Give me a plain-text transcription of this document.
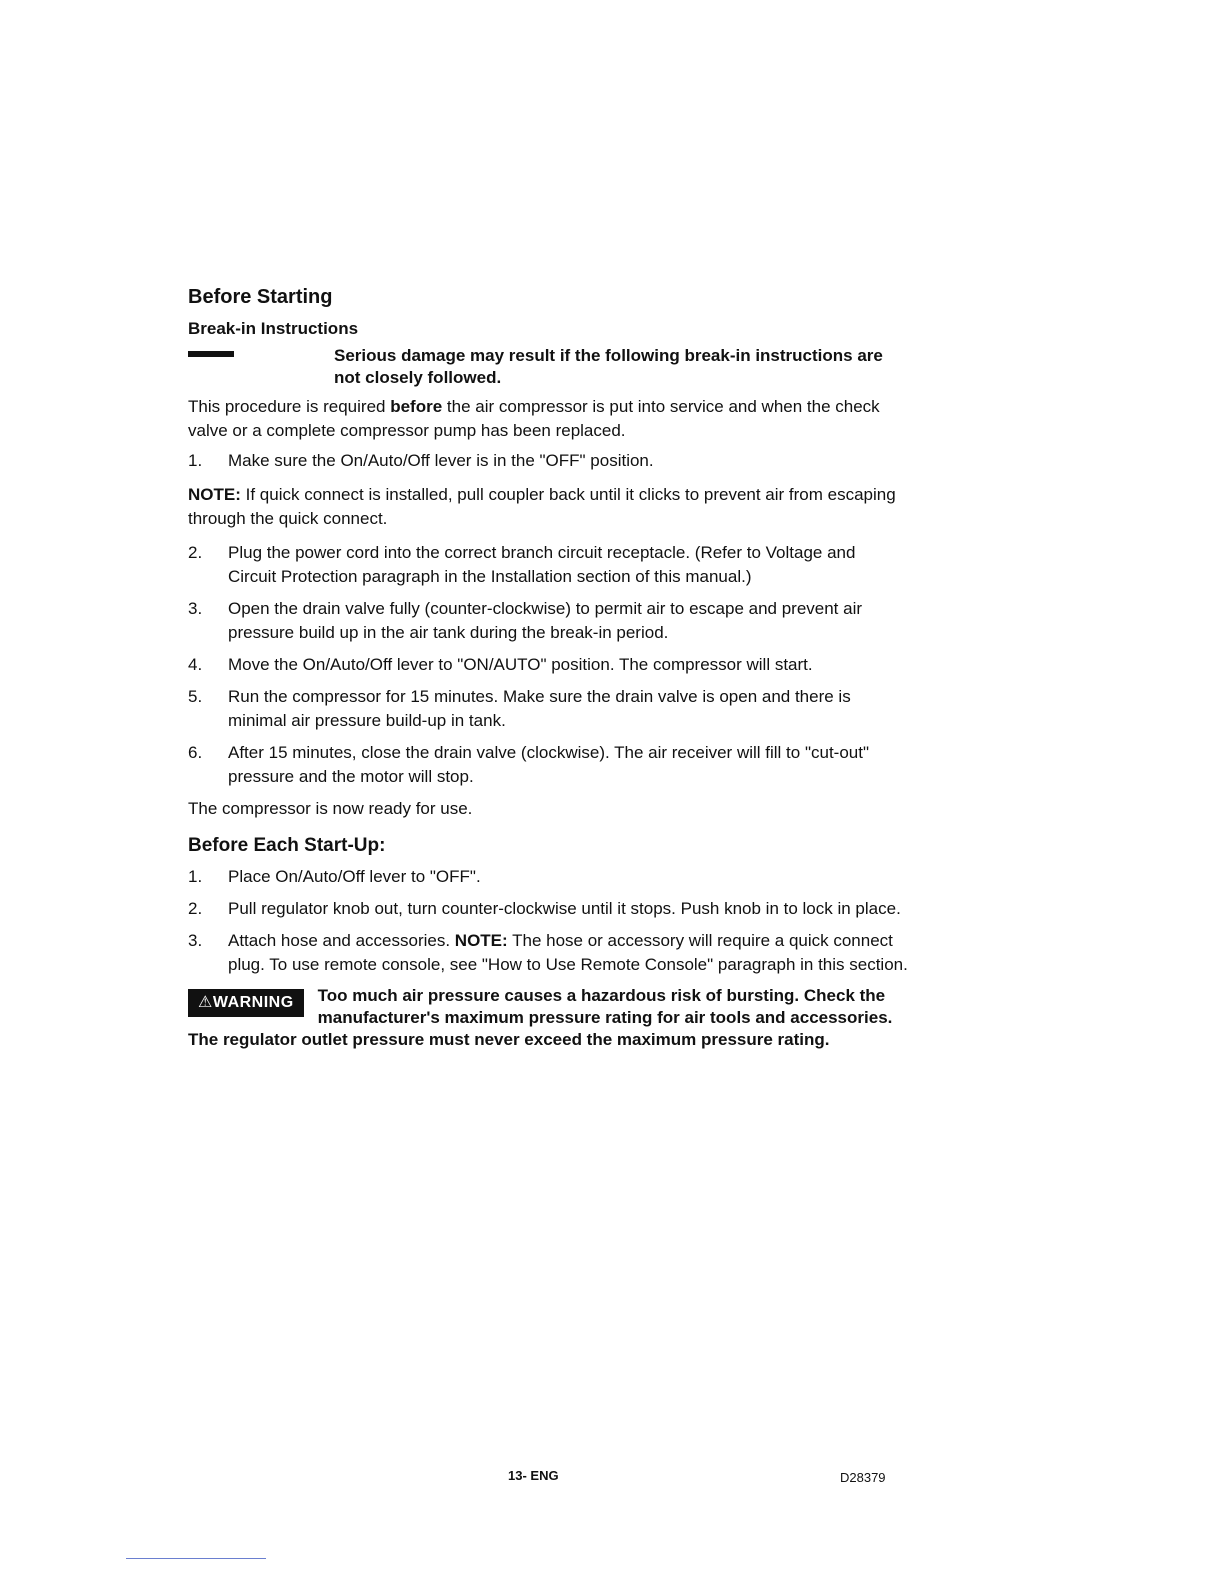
Before Starting
Break-in Instructions
Serious damage may result if the following break-in instructions are not closely followed.
This procedure is required before the air compressor is put into service and when the check valve or a complete compressor pump has been replaced.
1. Make sure the On/Auto/Off lever is in the "OFF" position.
NOTE: If quick connect is installed, pull coupler back until it clicks to prevent air from escaping through the quick connect.
2. Plug the power cord into the correct branch circuit receptacle. (Refer to Voltage and Circuit Protection paragraph in the Installation section of this manual.)
3. Open the drain valve fully (counter-clockwise) to permit air to escape and prevent air pressure build up in the air tank during the break-in period.
4. Move the On/Auto/Off lever to "ON/AUTO" position. The compressor will start.
5. Run the compressor for 15 minutes. Make sure the drain valve is open and there is minimal air pressure build-up in tank.
6. After 15 minutes, close the drain valve (clockwise). The air receiver will fill to "cut-out" pressure and the motor will stop.
The compressor is now ready for use.
Before Each Start-Up:
1. Place On/Auto/Off lever to "OFF".
2. Pull regulator knob out, turn counter-clockwise until it stops. Push knob in to lock in place.
3. Attach hose and accessories. NOTE: The hose or accessory will require a quick connect plug. To use remote console, see "How to Use Remote Console" paragraph in this section.
⚠WARNING	Too much air pressure causes a hazardous risk of bursting. Check the manufacturer's maximum pressure rating for air tools and accessories. The regulator outlet pressure must never exceed the maximum pressure rating.
13- ENG	D28379
